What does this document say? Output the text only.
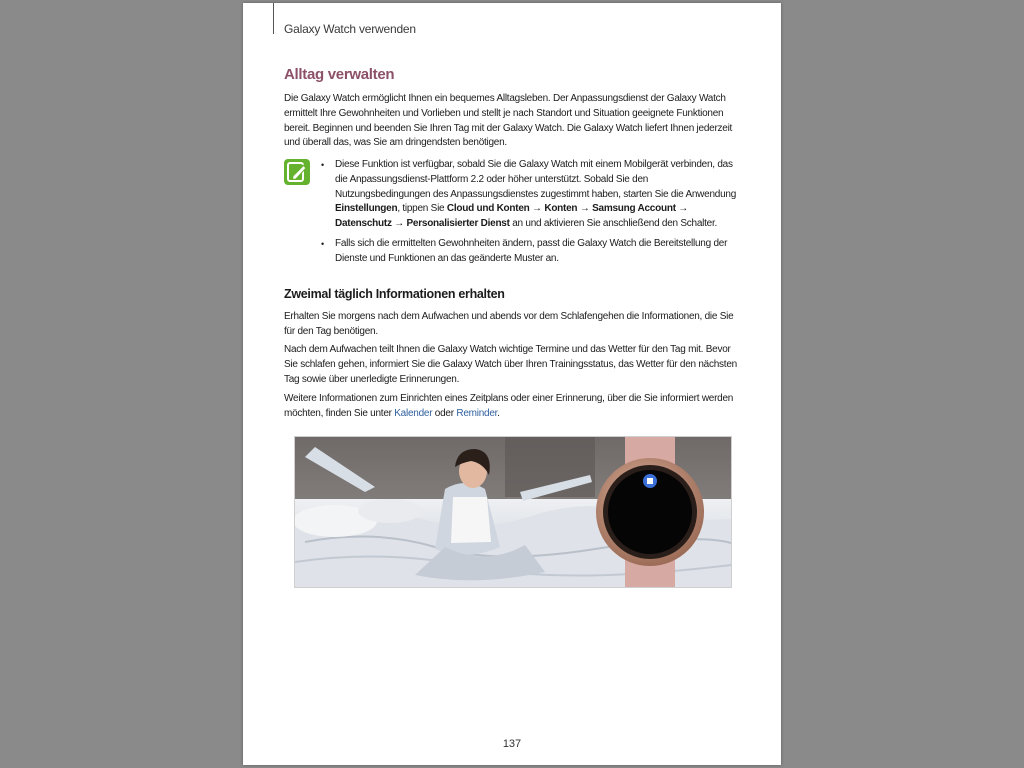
Galaxy Watch verwenden
Alltag verwalten
Die Galaxy Watch ermöglicht Ihnen ein bequemes Alltagsleben. Der Anpassungsdienst der Galaxy Watch ermittelt Ihre Gewohnheiten und Vorlieben und stellt je nach Standort und Situation geeignete Funktionen bereit. Beginnen und beenden Sie Ihren Tag mit der Galaxy Watch. Die Galaxy Watch liefert Ihnen jederzeit und überall das, was Sie am dringendsten benötigen.
• Diese Funktion ist verfügbar, sobald Sie die Galaxy Watch mit einem Mobilgerät verbinden, das die Anpassungsdienst-Plattform 2.2 oder höher unterstützt. Sobald Sie den Nutzungsbedingungen des Anpassungsdienstes zugestimmt haben, starten Sie die Anwendung Einstellungen, tippen Sie Cloud und Konten → Konten → Samsung Account → Datenschutz → Personalisierter Dienst an und aktivieren Sie anschließend den Schalter.
• Falls sich die ermittelten Gewohnheiten ändern, passt die Galaxy Watch die Bereitstellung der Dienste und Funktionen an das geänderte Muster an.
Zweimal täglich Informationen erhalten
Erhalten Sie morgens nach dem Aufwachen und abends vor dem Schlafengehen die Informationen, die Sie für den Tag benötigen.
Nach dem Aufwachen teilt Ihnen die Galaxy Watch wichtige Termine und das Wetter für den Tag mit. Bevor Sie schlafen gehen, informiert Sie die Galaxy Watch über Ihren Trainingsstatus, das Wetter für den nächsten Tag sowie über unerledigte Erinnerungen.
Weitere Informationen zum Einrichten eines Zeitplans oder einer Erinnerung, über die Sie informiert werden möchten, finden Sie unter Kalender oder Reminder.
137
